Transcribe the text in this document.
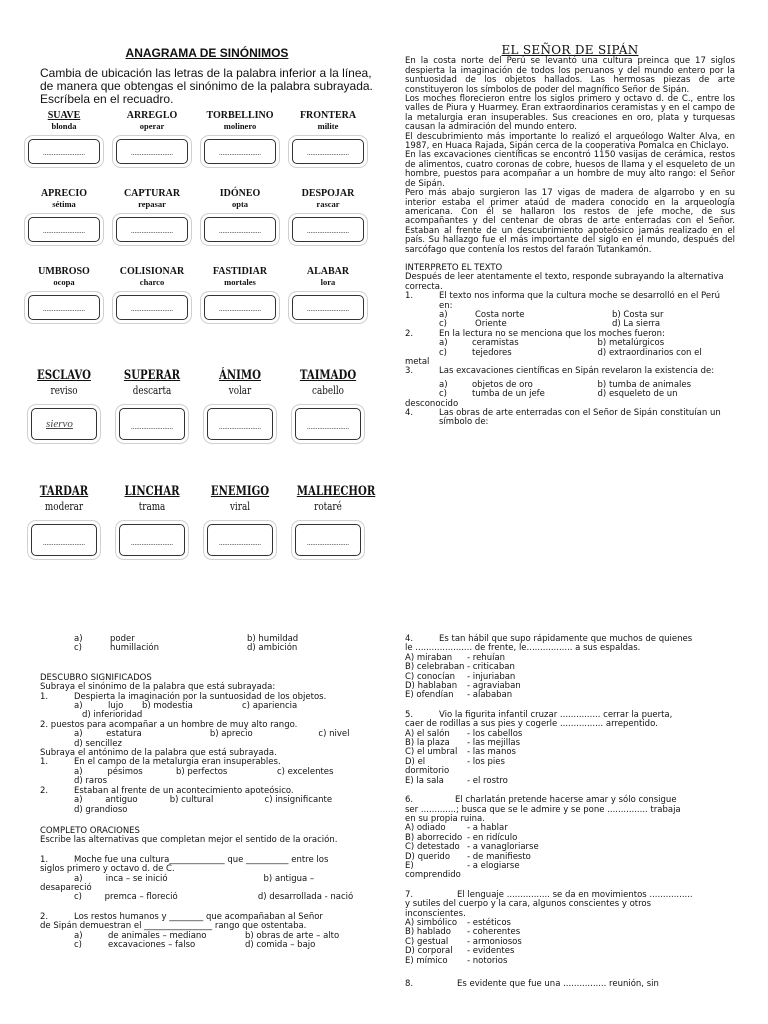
ANAGRAMA DE SINÓNIMOS
Cambia de ubicación las letras de la palabra inferior a la línea, de manera que obtengas el sinónimo de la palabra subrayada. Escríbela en el recuadro.
SUAVE
blonda
.....
ARREGLO
operar
.....
TORBELLINO
molinero
.....
FRONTERA
milite
.....
APRECIO
sétima
.....
CAPTURAR
repasar
.....
IDÓNEO
opta
.....
DESPOJAR
rascar
.....
UMBROSO
ocopa
.....
COLISIONAR
charco
.....
FASTIDIAR
mortales
.....
ALABAR
lora
.....
ESCLAVO
reviso
siervo
SUPERAR
descarta
.....
ÁNIMO
volar
.....
TAIMADO
cabello
.....
TARDAR
moderar
.....
LINCHAR
trama
.....
ENEMIGO
viral
.....
MALHECHOR
rotaré
.....
EL SEÑOR DE SIPÁN
En la costa norte del Perú se levantó una cultura preinca que 17 siglos despierta la imaginación de todos los peruanos y del mundo entero por la suntuosidad de los objetos hallados. Las hermosas piezas de arte constituyeron los símbolos de poder del magnífico Señor de Sipán.
Los moches florecieron entre los siglos primero y octavo d. de C., entre los valles de Piura y Huarmey. Eran extraordinarios ceramistas y en el campo de la metalurgia eran insuperables. Sus creaciones en oro, plata y turquesas causan la admiración del mundo entero.
El descubrimiento más importante lo realizó el arqueólogo Walter Alva, en 1987, en Huaca Rajada, Sipán cerca de la cooperativa Pomalca en Chiclayo.
En las excavaciones científicas se encontró 1150 vasijas de cerámica, restos de alimentos, cuatro coronas de cobre, huesos de llama y el esqueleto de un hombre, puestos para acompañar a un hombre de muy alto rango: el Señor de Sipán.
Pero más abajo surgieron las 17 vigas de madera de algarrobo y en su interior estaba el primer ataúd de madera conocido en la arqueología americana. Con él se hallaron los restos de jefe moche, de sus acompañantes y del centenar de obras de arte enterradas con el Señor. Estaban al frente de un descubrimiento apoteósico jamás realizado en el país. Su hallazgo fue el más importante del siglo en el mundo, después del sarcófago que contenía los restos del faraón Tutankamón.
INTERPRETO EL TEXTO
Después de leer atentamente el texto, responde subrayando la alternativa correcta.
1.	El texto nos informa que la cultura moche se desarrolló en el Perú en:
a)	Costa norte	b) Costa sur
c)	Oriente	d) La sierra
2.	En la lectura no se menciona que los moches fueron:
a)	ceramistas	b) metalúrgicos
c)	tejedores	d) extraordinarios con el
metal
3.	Las excavaciones científicas en Sipán revelaron la existencia de:
a)	objetos de oro	b) tumba de animales
c)	tumba de un jefe	d) esqueleto de un
desconocido
4.	Las obras de arte enterradas con el Señor de Sipán constituían un símbolo de:
a)	poder	b) humildad
c)	humillación	d) ambición
DESCUBRO SIGNIFICADOS
Subraya el sinónimo de la palabra que está subrayada:
1.	Despierta la imaginación por la suntuosidad de los objetos.
a)	lujo	b) modestia	c) apariencia
d) inferioridad
2. puestos para acompañar a un hombre de muy alto rango.
a)	estatura	b) aprecio	c) nivel
d) sencillez
Subraya el antónimo de la palabra que está subrayada.
1.	En el campo de la metalurgia eran insuperables.
a)	pésimos	b) perfectos	c) excelentes
d) raros
2.	Estaban al frente de un acontecimiento apoteósico.
a)	antiguo	b) cultural	c) insignificante
d) grandioso
COMPLETO ORACIONES
Escribe las alternativas que completan mejor el sentido de la oración.
1.	Moche fue una cultura_____________ que __________ entre los
siglos primero y octavo d. de C.
a)	inca – se inició	b) antigua –
desapareció
c)	premca – floreció	d) desarrollada - nació
2.	Los restos humanos y ________ que acompañaban al Señor
de Sipán demuestran el ________________ rango que ostentaba.
a)	de animales – mediano	b) obras de arte – alto
c)	excavaciones – falso	d) comida – bajo
4.	Es tan hábil que supo rápidamente que muchos de quienes
le ..................... de frente, le................. a sus espaldas.
A) miraban	- rehuían
B) celebraban - criticaban
C) conocían	- injuriaban
D) hablaban	- agraviaban
E) ofendían	- alababan
5.	Vio la figurita infantil cruzar ............... cerrar la puerta,
caer de rodillas a sus pies y cogerle ................ arrepentido.
A) el salón	- los cabellos
B) la plaza	- las mejillas
C) el umbral	- las manos
D) el dormitorio
- los pies
E) la sala	- el rostro
6.	El charlatán pretende hacerse amar y sólo consigue
ser .............; busca que se le admire y se pone ............... trabaja
en su propia ruina.
A) odiado	- a hablar
B) aborrecido - en ridículo
C) detestado - a vanagloriarse
D) querido	- de manifiesto
E) comprendido
- a elogiarse
7.	El lenguaje ................ se da en movimientos ................
y sutiles del cuerpo y la cara, algunos conscientes y otros
inconscientes.
A) simbólico	- estéticos
B) hablado	- coherentes
C) gestual	- armoniosos
D) corporal	- evidentes
E) mímico	- notorios
8.	Es evidente que fue una ................ reunión, sin
